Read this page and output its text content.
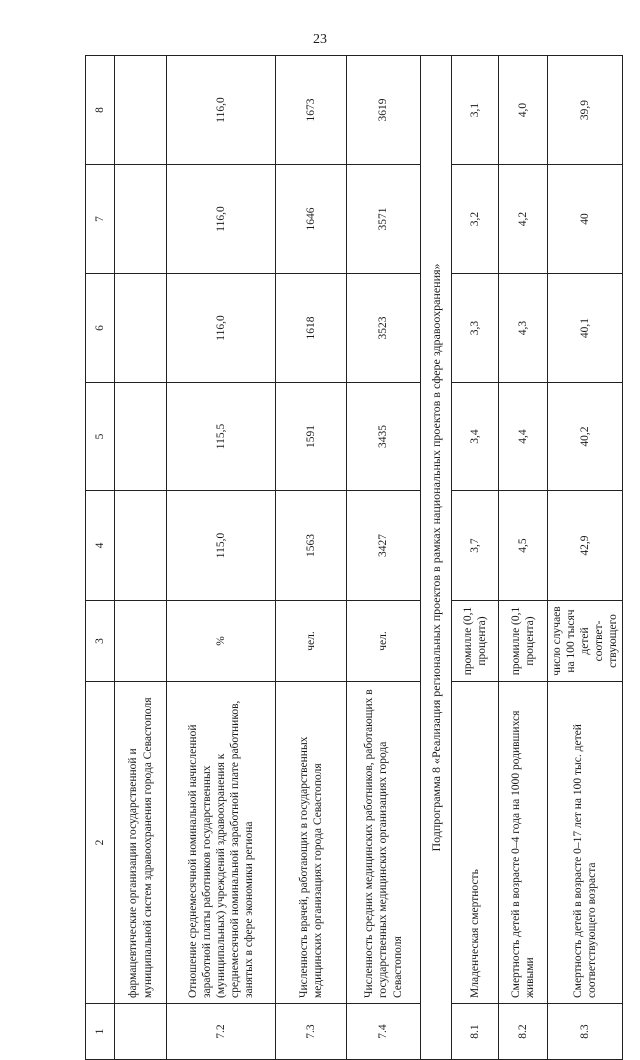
23
1	2	3	4	5	6	7	8
	фармацевтические организации государственной и муниципальной систем здравоохранения города Севастополя						
7.2	Отношение среднемесячной номинальной начисленной заработной платы работников государственных (муниципальных) учреждений здравоохранения к среднемесячной номинальной заработной плате работников, занятых в сфере экономики региона	%	115,0	115,5	116,0	116,0	116,0
7.3	Численность врачей, работающих в государственных медицинских организациях города Севастополя	чел.	1563	1591	1618	1646	1673
7.4	Численность средних медицинских работников, работающих в государственных медицинских организациях города Севастополя	чел.	3427	3435	3523	3571	3619
Подпрограмма 8 «Реализация региональных проектов в рамках национальных проектов в сфере здравоохранения»							
8.1	Младенческая смертность	промилле (0,1 процента)	3,7	3,4	3,3	3,2	3,1
8.2	Смертность детей в возрасте 0–4 года на 1000 родившихся живыми	промилле (0,1 процента)	4,5	4,4	4,3	4,2	4,0
8.3	Смертность детей в возрасте 0–17 лет на 100 тыс. детей соответствующего возраста	число случаев на 100 тысяч детей соответ-ствующего	42,9	40,2	40,1	40	39,9
